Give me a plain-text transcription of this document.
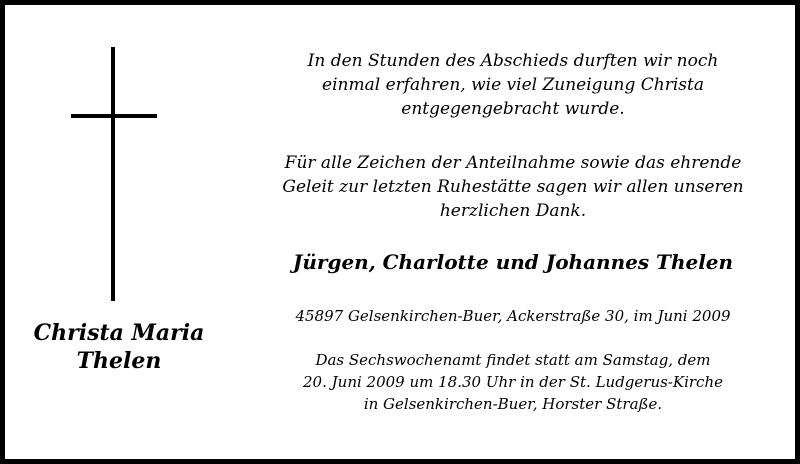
Christa Maria
Thelen
In den Stunden des Abschieds durften wir noch
einmal erfahren, wie viel Zuneigung Christa
entgegengebracht wurde.
Für alle Zeichen der Anteilnahme sowie das ehrende
Geleit zur letzten Ruhestätte sagen wir allen unseren
herzlichen Dank.
Jürgen, Charlotte und Johannes Thelen
45897 Gelsenkirchen-Buer, Ackerstraße 30, im Juni 2009
Das Sechswochenamt findet statt am Samstag, dem
20. Juni 2009 um 18.30 Uhr in der St. Ludgerus-Kirche
in Gelsenkirchen-Buer, Horster Straße.
